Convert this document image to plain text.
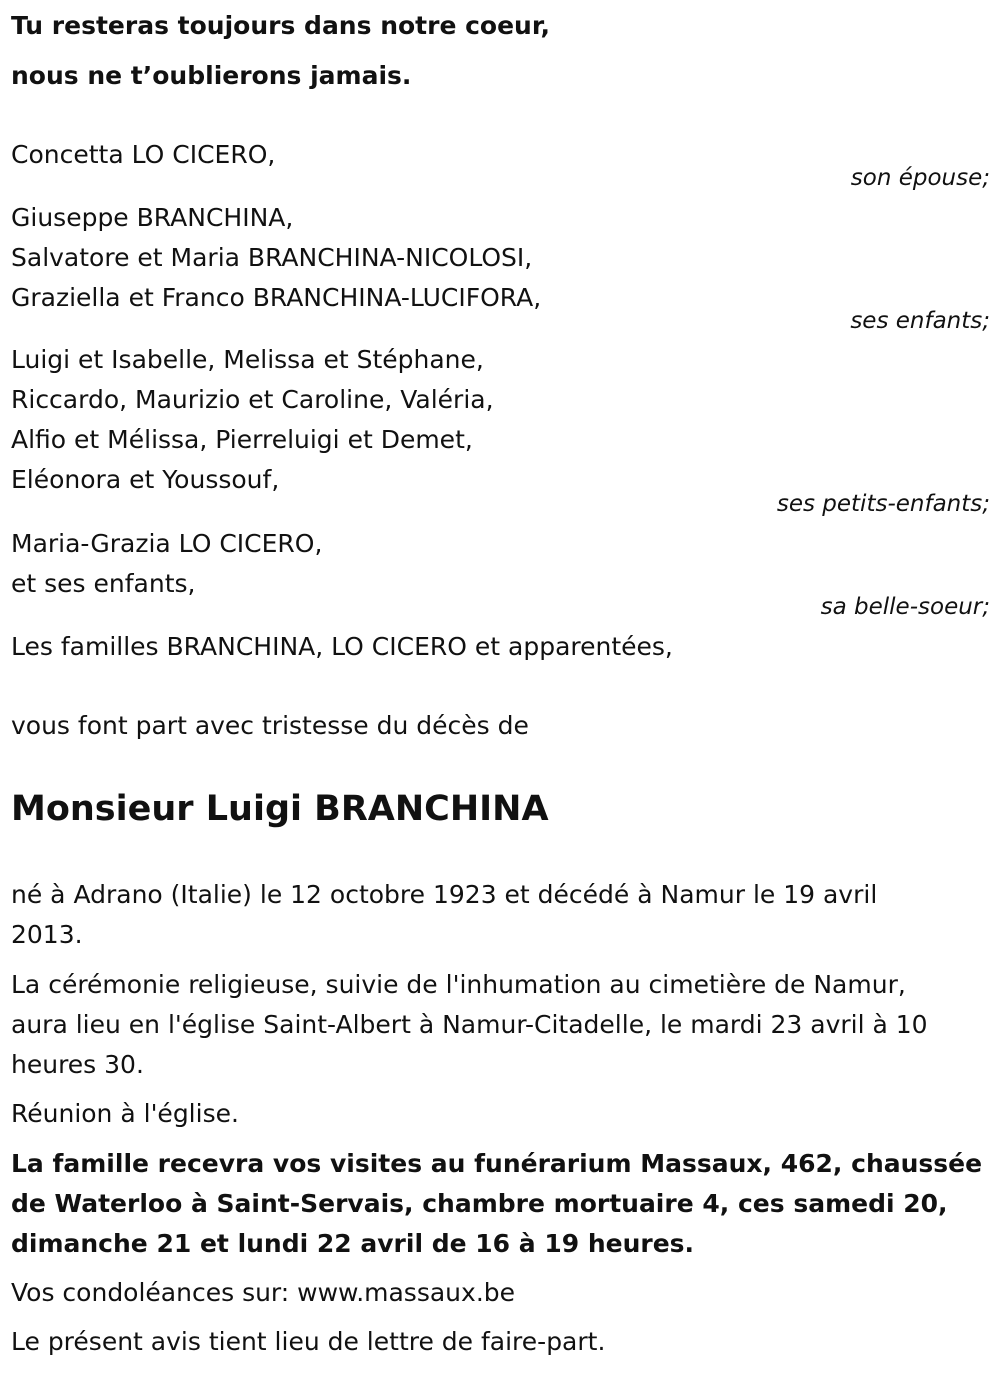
Tu resteras toujours dans notre coeur,
nous ne t’oublierons jamais.
Concetta LO CICERO,
son épouse;
Giuseppe BRANCHINA,
Salvatore et Maria BRANCHINA-NICOLOSI,
Graziella et Franco BRANCHINA-LUCIFORA,
ses enfants;
Luigi et Isabelle, Melissa et Stéphane,
Riccardo, Maurizio et Caroline, Valéria,
Alfio et Mélissa, Pierreluigi et Demet,
Eléonora et Youssouf,
ses petits-enfants;
Maria-Grazia LO CICERO,
et ses enfants,
sa belle-soeur;
Les familles BRANCHINA, LO CICERO et apparentées,
vous font part avec tristesse du décès de
Monsieur Luigi BRANCHINA
né à Adrano (Italie) le 12 octobre 1923 et décédé à Namur le 19 avril
2013.
La cérémonie religieuse, suivie de l'inhumation au cimetière de Namur,
aura lieu en l'église Saint-Albert à Namur-Citadelle, le mardi 23 avril à 10
heures 30.
Réunion à l'église.
La famille recevra vos visites au funérarium Massaux, 462, chaussée
de Waterloo à Saint-Servais, chambre mortuaire 4, ces samedi 20,
dimanche 21 et lundi 22 avril de 16 à 19 heures.
Vos condoléances sur: www.massaux.be
Le présent avis tient lieu de lettre de faire-part.
